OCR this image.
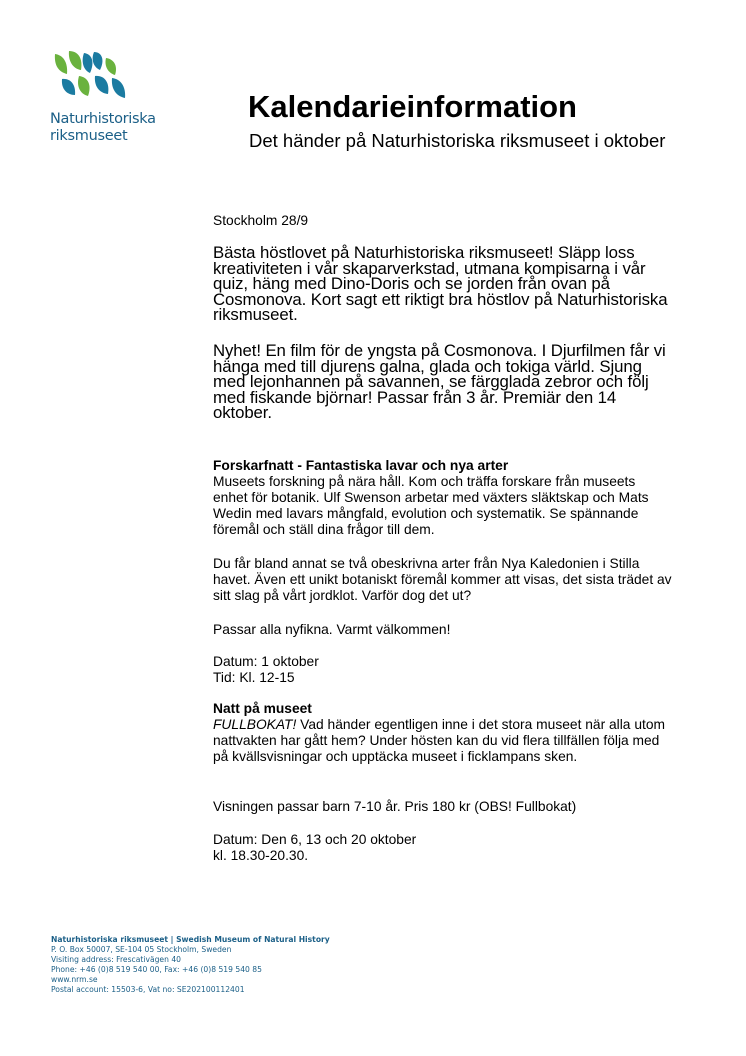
Naturhistoriska
riksmuseet
Kalendarieinformation

Det händer på Naturhistoriska riksmuseet i oktober

Stockholm 28/9

Bästa höstlovet på Naturhistoriska riksmuseet! Släpp loss kreativiteten i vår skaparverkstad, utmana kompisarna i vår quiz, häng med Dino-Doris och se jorden från ovan på Cosmonova. Kort sagt ett riktigt bra höstlov på Naturhistoriska riksmuseet.

Nyhet! En film för de yngsta på Cosmonova. I Djurfilmen får vi hänga med till djurens galna, glada och tokiga värld. Sjung med lejonhannen på savannen, se färgglada zebror och följ med fiskande björnar! Passar från 3 år. Premiär den 14 oktober.

Forskarfnatt - Fantastiska lavar och nya arter

Museets forskning på nära håll. Kom och träffa forskare från museets enhet för botanik. Ulf Swenson arbetar med växters släktskap och Mats Wedin med lavars mångfald, evolution och systematik. Se spännande föremål och ställ dina frågor till dem.

Du får bland annat se två obeskrivna arter från Nya Kaledonien i Stilla havet. Även ett unikt botaniskt föremål kommer att visas, det sista trädet av sitt slag på vårt jordklot. Varför dog det ut?

Passar alla nyfikna. Varmt välkommen!

Datum: 1 oktober

Tid: Kl. 12-15

Natt på museet

FULLBOKAT! Vad händer egentligen inne i det stora museet när alla utom nattvakten har gått hem? Under hösten kan du vid flera tillfällen följa med på kvällsvisningar och upptäcka museet i ficklampans sken.

Visningen passar barn 7-10 år. Pris 180 kr (OBS! Fullbokat)

Datum: Den 6, 13 och 20 oktober

kl. 18.30-20.30.

Naturhistoriska riksmuseet | Swedish Museum of Natural History
P. O. Box 50007, SE-104 05 Stockholm, Sweden
Visiting address: Frescativägen 40
Phone: +46 (0)8 519 540 00, Fax: +46 (0)8 519 540 85
www.nrm.se
Postal account: 15503-6, Vat no: SE202100112401
